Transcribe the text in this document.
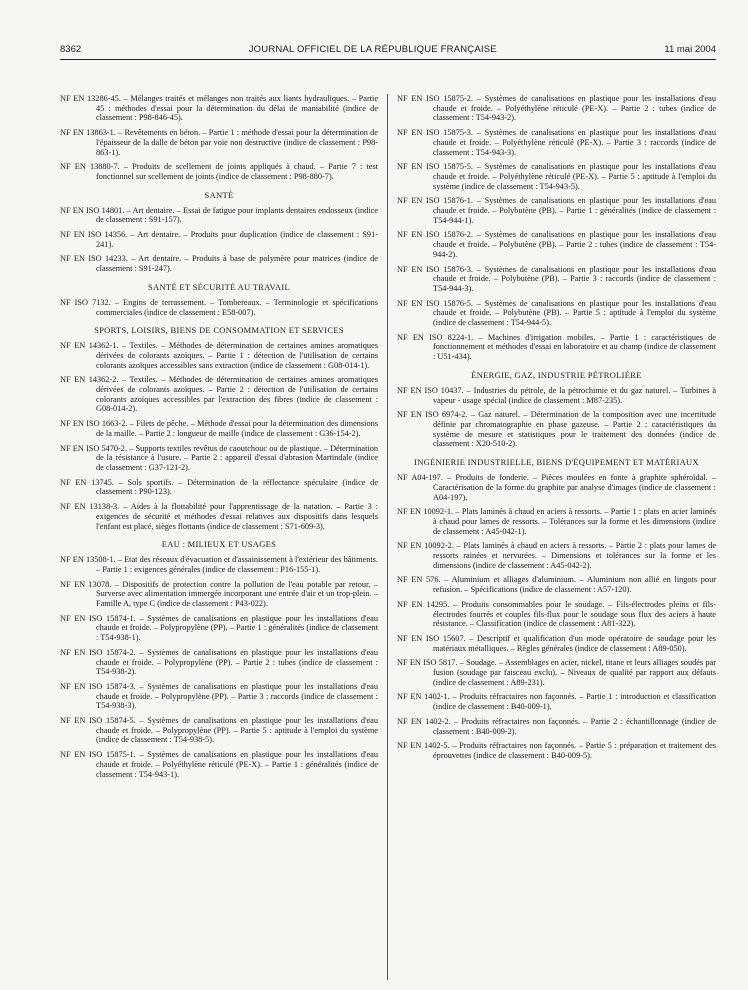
8362	JOURNAL OFFICIEL DE LA RÉPUBLIQUE FRANÇAISE	11 mai 2004
NF EN 13286-45. – Mélanges traités et mélanges non traités aux liants hydrauliques. – Partie 45 : méthodes d'essai pour la détermination du délai de maniabilité (indice de classement : P98-846-45).
NF EN 13863-1. – Revêtements en béton. – Partie 1 : méthode d'essai pour la détermination de l'épaisseur de la dalle de béton par voie non destructive (indice de classement : P98-863-1).
NF EN 13880-7. – Produits de scellement de joints appliqués à chaud. – Partie 7 : test fonctionnel sur scellement de joints (indice de classement : P98-880-7).
SANTÉ
NF EN ISO 14801. – Art dentaire. – Essai de fatigue pour implants dentaires endosseux (indice de classement : S91-157).
NF EN ISO 14356. – Art dentaire. – Produits pour duplication (indice de classement : S91-241).
NF EN ISO 14233. – Art dentaire. – Produits à base de polymère pour matrices (indice de classement : S91-247).
SANTÉ ET SÉCURITÉ AU TRAVAIL
NF ISO 7132. – Engins de terrassement. – Tombereaux. – Terminologie et spécifications commerciales (indice de classement : E58-007).
SPORTS, LOISIRS, BIENS DE CONSOMMATION ET SERVICES
NF EN 14362-1. – Textiles. – Méthodes de détermination de certaines amines aromatiques dérivées de colorants azoïques. – Partie 1 : détection de l'utilisation de certains colorants azoïques accessibles sans extraction (indice de classement : G08-014-1).
NF EN 14362-2. – Textiles. – Méthodes de détermination de certaines amines aromatiques dérivées de colorants azoïques. – Partie 2 : détection de l'utilisation de certains colorants azoïques accessibles par l'extraction des fibres (indice de classement : G08-014-2).
NF EN ISO 1663-2. – Filets de pêche. – Méthode d'essai pour la détermination des dimensions de la maille. – Partie 2 : longueur de maille (indice de classement : G36-154-2).
NF EN ISO 5470-2. – Supports textiles revêtus de caoutchouc ou de plastique. – Détermination de la résistance à l'usure. – Partie 2 : appareil d'essai d'abrasion Martindale (indice de classement : G37-121-2).
NF EN 13745. – Sols sportifs. – Détermination de la réflectance spéculaire (indice de classement : P90-123).
NF EN 13138-3. – Aides à la flottabilité pour l'apprentissage de la natation. – Partie 3 : exigences de sécurité et méthodes d'essai relatives aux dispositifs dans lesquels l'enfant est placé, sièges flottants (indice de classement : S71-609-3).
EAU : MILIEUX ET USAGES
NF EN 13508-1. – Etat des réseaux d'évacuation et d'assainissement à l'extérieur des bâtiments. – Partie 1 : exigences générales (indice de classement : P16-155-1).
NF EN 13078. – Dispositifs de protection contre la pollution de l'eau potable par retour. – Surverse avec alimentation immergée incorporant une entrée d'air et un trop-plein. – Famille A, type C (indice de classement : P43-022).
NF EN ISO 15874-1. – Systèmes de canalisations en plastique pour les installations d'eau chaude et froide. – Polypropylène (PP). – Partie 1 : généralités (indice de classement : T54-938-1).
NF EN ISO 15874-2. – Systèmes de canalisations en plastique pour les installations d'eau chaude et froide. – Polypropylène (PP). – Partie 2 : tubes (indice de classement : T54-938-2).
NF EN ISO 15874-3. – Systèmes de canalisations en plastique pour les installations d'eau chaude et froide. – Polypropylène (PP). – Partie 3 : raccords (indice de classement : T54-938-3).
NF EN ISO 15874-5. – Systèmes de canalisations en plastique pour les installations d'eau chaude et froide. – Polypropylène (PP). – Partie 5 : aptitude à l'emploi du système (indice de classement : T54-938-5).
NF EN ISO 15875-1. – Systèmes de canalisations en plastique pour les installations d'eau chaude et froide. – Polyéthylène réticulé (PE-X). – Partie 1 : généralités (indice de classement : T54-943-1).
NF EN ISO 15875-2. – Systèmes de canalisations en plastique pour les installations d'eau chaude et froide. – Polyéthylène réticulé (PE-X). – Partie 2 : tubes (indice de classement : T54-943-2).
NF EN ISO 15875-3. – Systèmes de canalisations en plastique pour les installations d'eau chaude et froide. – Polyéthylène réticulé (PE-X). – Partie 3 : raccords (indice de classement : T54-943-3).
NF EN ISO 15875-5. – Systèmes de canalisations en plastique pour les installations d'eau chaude et froide. – Polyéthylène réticulé (PE-X). – Partie 5 : aptitude à l'emploi du système (indice de classement : T54-943-5).
NF EN ISO 15876-1. – Systèmes de canalisations en plastique pour les installations d'eau chaude et froide. – Polybutène (PB). – Partie 1 : généralités (indice de classement : T54-944-1).
NF EN ISO 15876-2. – Systèmes de canalisations en plastique pour les installations d'eau chaude et froide. – Polybutène (PB). – Partie 2 : tubes (indice de classement : T54-944-2).
NF EN ISO 15876-3. – Systèmes de canalisations en plastique pour les installations d'eau chaude et froide. – Polybutène (PB). – Partie 3 : raccords (indice de classement : T54-944-3).
NF EN ISO 15876-5. – Systèmes de canalisations en plastique pour les installations d'eau chaude et froide. – Polybutène (PB). – Partie 5 : aptitude à l'emploi du système (indice de classement : T54-944-5).
NF EN ISO 8224-1. – Machines d'irrigation mobiles. – Partie 1 : caractéristiques de fonctionnement et méthodes d'essai en laboratoire et au champ (indice de classement : U51-434).
ÉNERGIE, GAZ, INDUSTRIE PÉTROLIÈRE
NF EN ISO 10437. – Industries du pétrole, de la pétrochimie et du gaz naturel. – Turbines à vapeur - usage spécial (indice de classement : M87-235).
NF EN ISO 6974-2. – Gaz naturel. – Détermination de la composition avec une incertitude définie par chromatographie en phase gazeuse. – Partie 2 : caractéristiques du système de mesure et statistiques pour le traitement des données (indice de classement : X20-510-2).
INGÉNIERIE INDUSTRIELLE, BIENS D'ÉQUIPEMENT ET MATÉRIAUX
NF A04-197. – Produits de fonderie. – Pièces moulées en fonte à graphite sphéroïdal. – Caractérisation de la forme du graphite par analyse d'images (indice de classement : A04-197).
NF EN 10092-1. – Plats laminés à chaud en aciers à ressorts. – Partie 1 : plats en acier laminés à chaud pour lames de ressorts. – Tolérances sur la forme et les dimensions (indice de classement : A45-042-1).
NF EN 10092-2. – Plats laminés à chaud en aciers à ressorts. – Partie 2 : plats pour lames de ressorts rainées et nervurées. – Dimensions et tolérances sur la forme et les dimensions (indice de classement : A45-042-2).
NF EN 576. – Aluminium et alliages d'aluminium. – Aluminium non allié en lingots pour refusion. – Spécifications (indice de classement : A57-120).
NF EN 14295. – Produits consommables pour le soudage. – Fils-électrodes pleins et fils-électrodes fourrés et couples fils-flux pour le soudage sous flux des aciers à haute résistance. – Classification (indice de classement : A81-322).
NF EN ISO 15607. – Descriptif et qualification d'un mode opératoire de soudage pour les matériaux métalliques. – Règles générales (indice de classement : A89-050).
NF EN ISO 5817. – Soudage. – Assemblages en acier, nickel, titane et leurs alliages soudés par fusion (soudage par faisceau exclu). – Niveaux de qualité par rapport aux défauts (indice de classement : A89-231).
NF EN 1402-1. – Produits réfractaires non façonnés. – Partie 1 : introduction et classification (indice de classement : B40-009-1).
NF EN 1402-2. – Produits réfractaires non façonnés. – Partie 2 : échantillonnage (indice de classement : B40-009-2).
NF EN 1402-5. – Produits réfractaires non façonnés. – Partie 5 : préparation et traitement des éprouvettes (indice de classement : B40-009-5).
